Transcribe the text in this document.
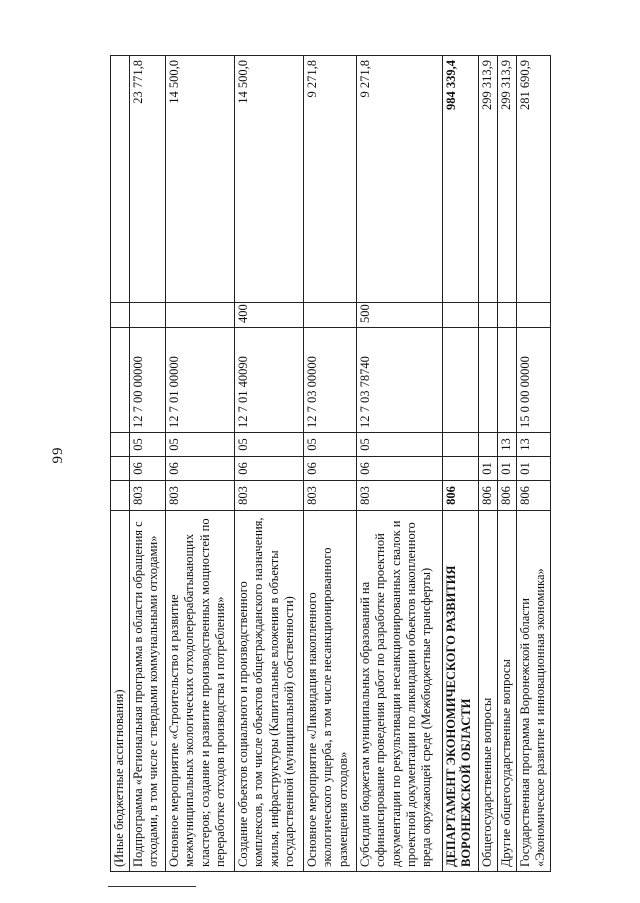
99
(Иные бюджетные ассигнования)						
Подпрограмма «Региональная программа в области обращения с отходами, в том числе с твердыми коммунальными отходами»	803	06	05	12 7 00 00000		23 771,8
Основное мероприятие «Строительство и развитие межмуниципальных экологических отходоперерабатывающих кластеров; создание и развитие производственных мощностей по переработке отходов производства и потребления»	803	06	05	12 7 01 00000		14 500,0
Создание объектов социального и производственного комплексов, в том числе объектов общегражданского назначения, жилья, инфраструктуры (Капитальные вложения в объекты государственной (муниципальной) собственности)	803	06	05	12 7 01 40090	400	14 500,0
Основное мероприятие «Ликвидация накопленного экологического ущерба, в том числе несанкционированного размещения отходов»	803	06	05	12 7 03 00000		9 271,8
Субсидии бюджетам муниципальных образований на софинансирование проведения работ по разработке проектной документации по рекультивации несанкционированных свалок и проектной документации по ликвидации объектов накопленного вреда окружающей среде (Межбюджетные трансферты)	803	06	05	12 7 03 78740	500	9 271,8
ДЕПАРТАМЕНТ ЭКОНОМИЧЕСКОГО РАЗВИТИЯ ВОРОНЕЖСКОЙ ОБЛАСТИ	806					984 339,4
Общегосударственные вопросы	806	01				299 313,9
Другие общегосударственные вопросы	806	01	13			299 313,9
Государственная программа Воронежской области «Экономическое развитие и инновационная экономика»	806	01	13	15 0 00 00000		281 690,9
